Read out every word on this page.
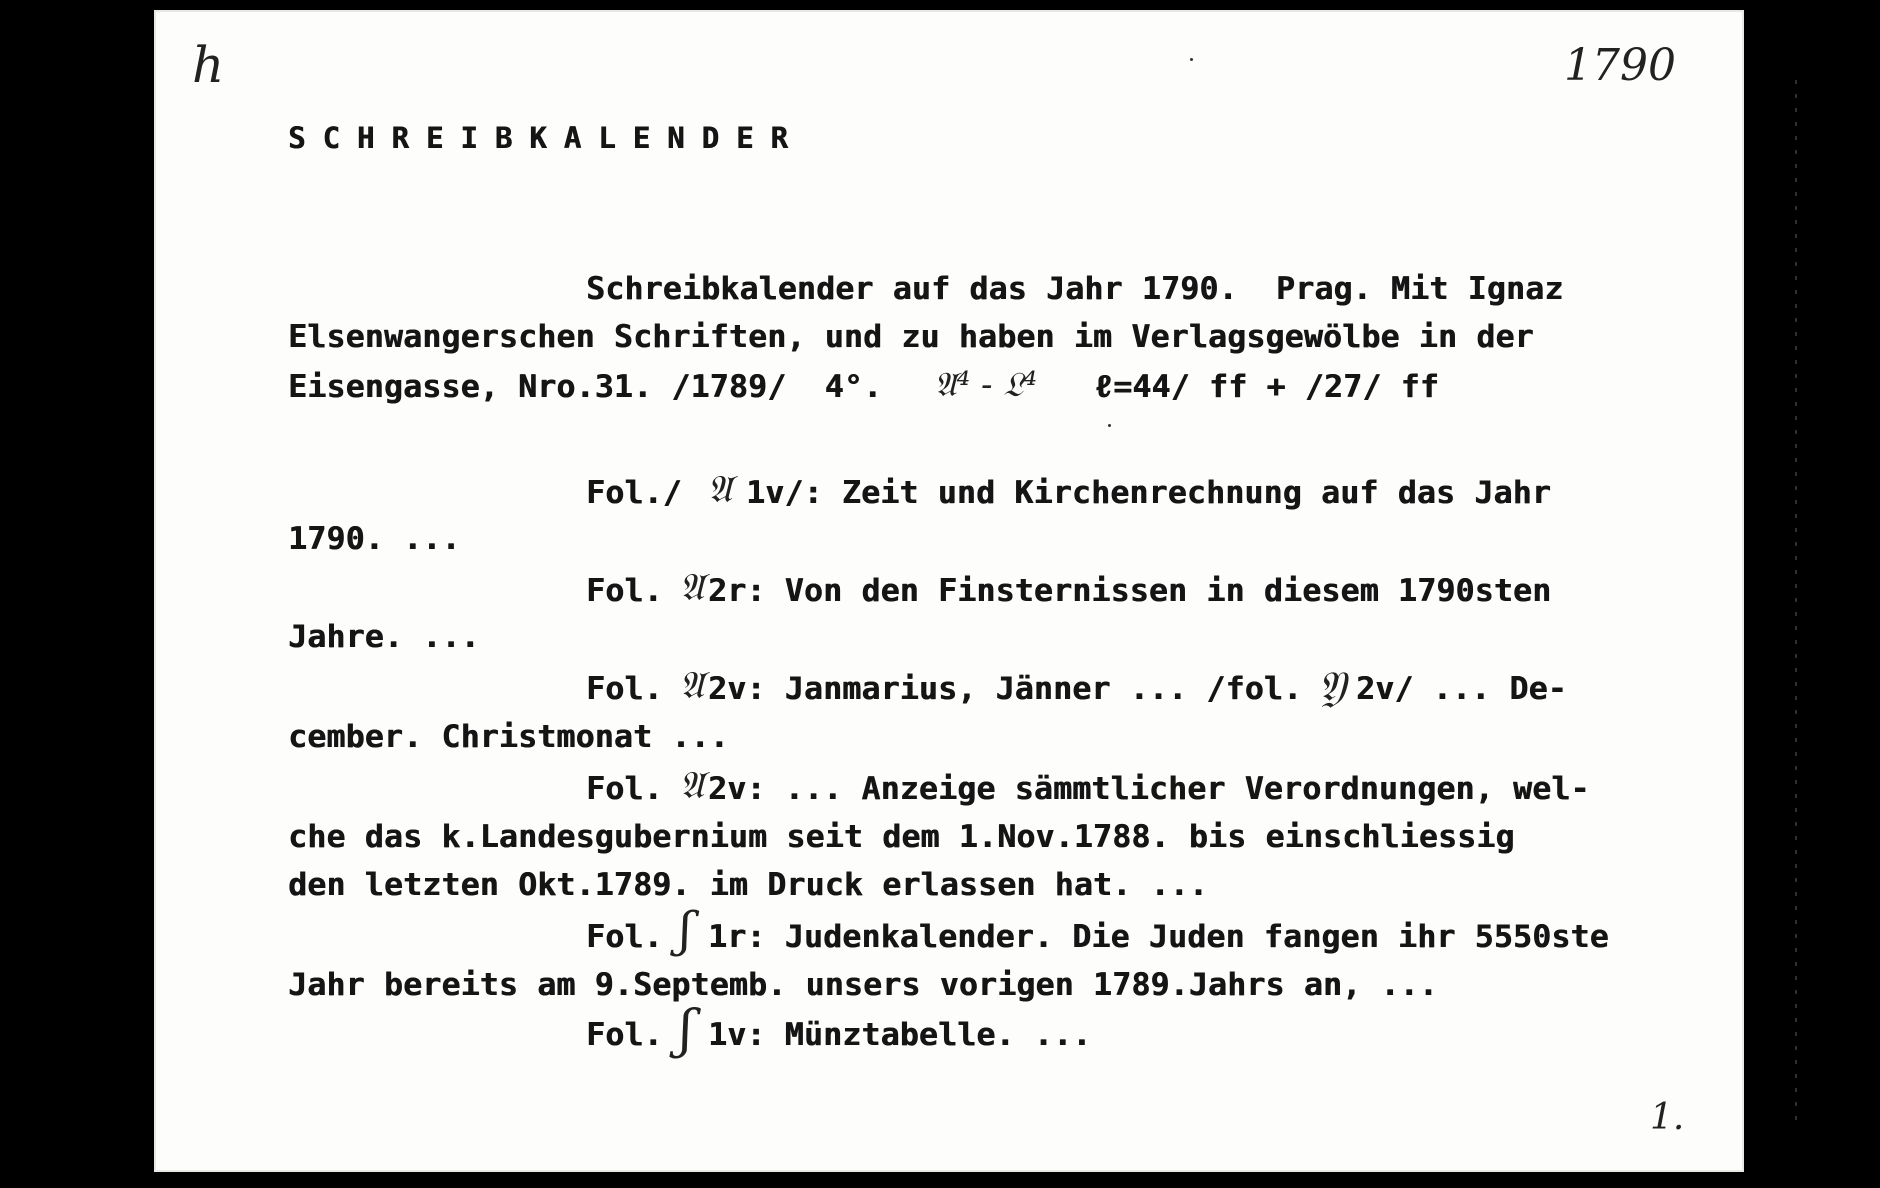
h	1790
SCHREIBKALENDER
Schreibkalender auf das Jahr 1790.  Prag. Mit Ignaz
Elsenwangerschen Schriften, und zu haben im Verlagsgewölbe in der
Eisengasse, Nro.31. /1789/  4°. 𝔄⁴ - 𝔏⁴ ℓ=44/ ff + /27/ ff
Fol./ 𝔄 1v/: Zeit und Kirchenrechnung auf das Jahr
1790. ...
Fol. 𝔄 2r: Von den Finsternissen in diesem 1790sten
Jahre. ...
Fol. 𝔄 2v: Janmarius, Jänner ... /fol. 𝔜 2v/ ... De-
cember. Christmonat ...
Fol. 𝔄 2v: ... Anzeige sämmtlicher Verordnungen, wel-
che das k.Landesgubernium seit dem 1.Nov.1788. bis einschliessig
den letzten Okt.1789. im Druck erlassen hat. ...
Fol. ʃ 1r: Judenkalender. Die Juden fangen ihr 5550ste
Jahr bereits am 9.Septemb. unsers vorigen 1789.Jahrs an, ...
Fol. ʃ 1v: Münztabelle. ...
1.
